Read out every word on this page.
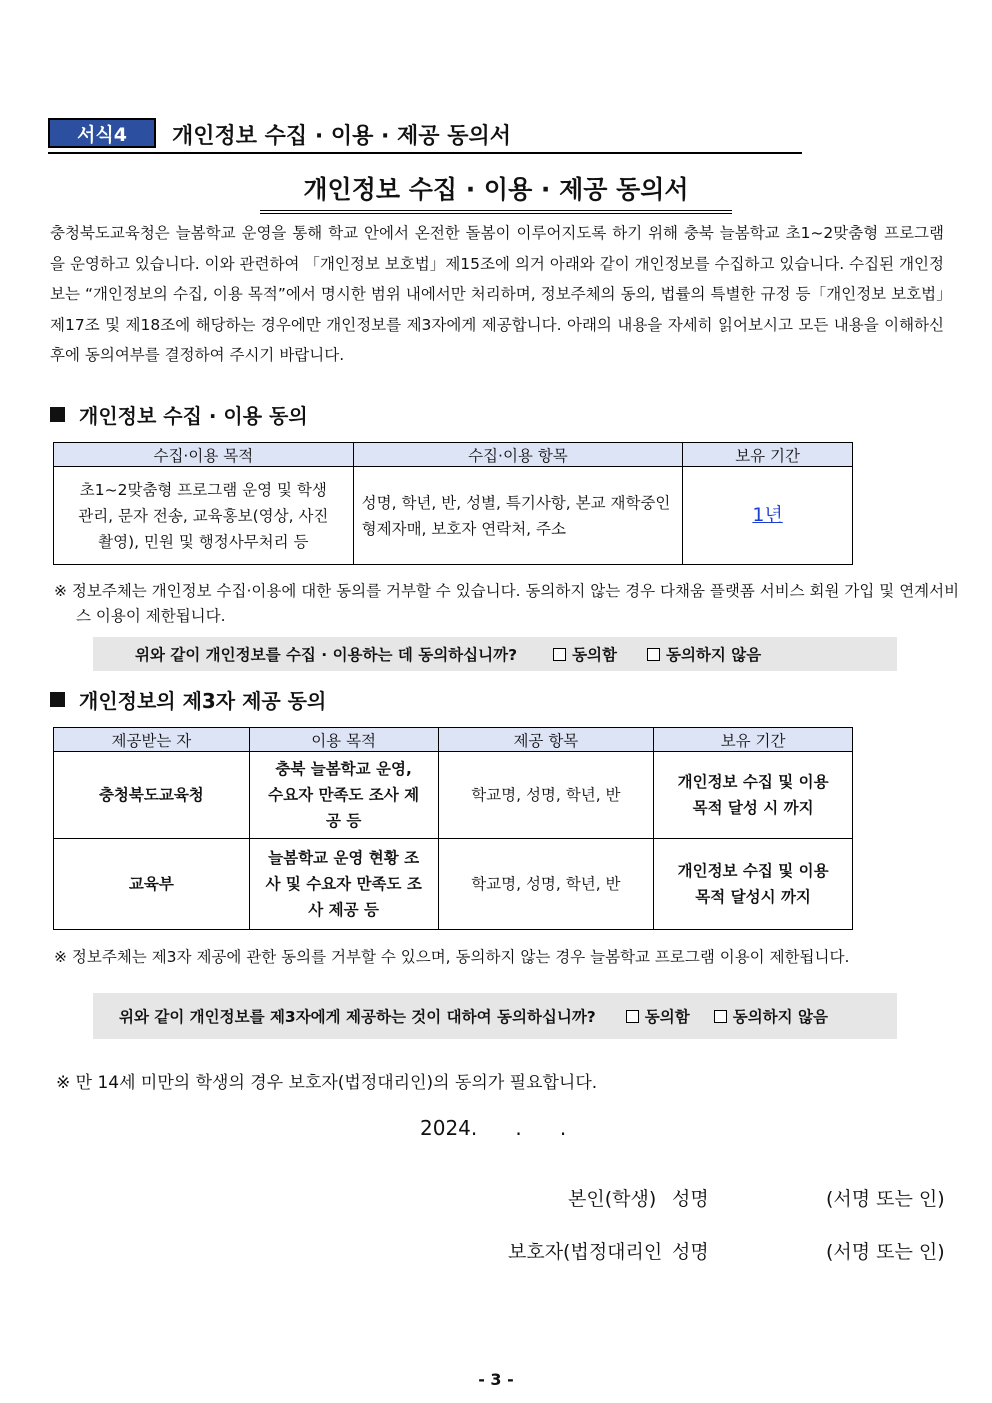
서식4	개인정보 수집 · 이용 · 제공 동의서
개인정보 수집 · 이용 · 제공 동의서
충청북도교육청은 늘봄학교 운영을 통해 학교 안에서 온전한 돌봄이 이루어지도록 하기 위해 충북 늘봄학교 초1~2맞춤형 프로그램을 운영하고 있습니다. 이와 관련하여 「개인정보 보호법」제15조에 의거 아래와 같이 개인정보를 수집하고 있습니다. 수집된 개인정보는 “개인정보의 수집, 이용 목적”에서 명시한 범위 내에서만 처리하며, 정보주체의 동의, 법률의 특별한 규정 등「개인정보 보호법」제17조 및 제18조에 해당하는 경우에만 개인정보를 제3자에게 제공합니다. 아래의 내용을 자세히 읽어보시고 모든 내용을 이해하신 후에 동의여부를 결정하여 주시기 바랍니다.
개인정보 수집 · 이용 동의
수집·이용 목적	수집·이용 항목	보유 기간
초1~2맞춤형 프로그램 운영 및 학생관리, 문자 전송, 교육홍보(영상, 사진촬영), 민원 및 행정사무처리 등	성명, 학년, 반, 성별, 특기사항, 본교 재학중인 형제자매, 보호자 연락처, 주소	1년
※ 정보주체는 개인정보 수집·이용에 대한 동의를 거부할 수 있습니다. 동의하지 않는 경우 다채움 플랫폼 서비스 회원 가입 및 연계서비스 이용이 제한됩니다.
위와 같이 개인정보를 수집 · 이용하는 데 동의하십니까?	동의함	동의하지 않음
개인정보의 제3자 제공 동의
제공받는 자	이용 목적	제공 항목	보유 기간
충청북도교육청	충북 늘봄학교 운영, 수요자 만족도 조사 제공 등	학교명, 성명, 학년, 반	개인정보 수집 및 이용목적 달성 시 까지
교육부	늘봄학교 운영 현황 조사 및 수요자 만족도 조사 제공 등	학교명, 성명, 학년, 반	개인정보 수집 및 이용목적 달성시 까지
※ 정보주체는 제3자 제공에 관한 동의를 거부할 수 있으며, 동의하지 않는 경우 늘봄학교 프로그램 이용이 제한됩니다.
위와 같이 개인정보를 제3자에게 제공하는 것이 대하여 동의하십니까?	동의함	동의하지 않음
※ 만 14세 미만의 학생의 경우 보호자(법정대리인)의 동의가 필요합니다.
2024.      .      .
본인(학생) 성명	(서명 또는 인)
보호자(법정대리인 성명	(서명 또는 인)
- 3 -
